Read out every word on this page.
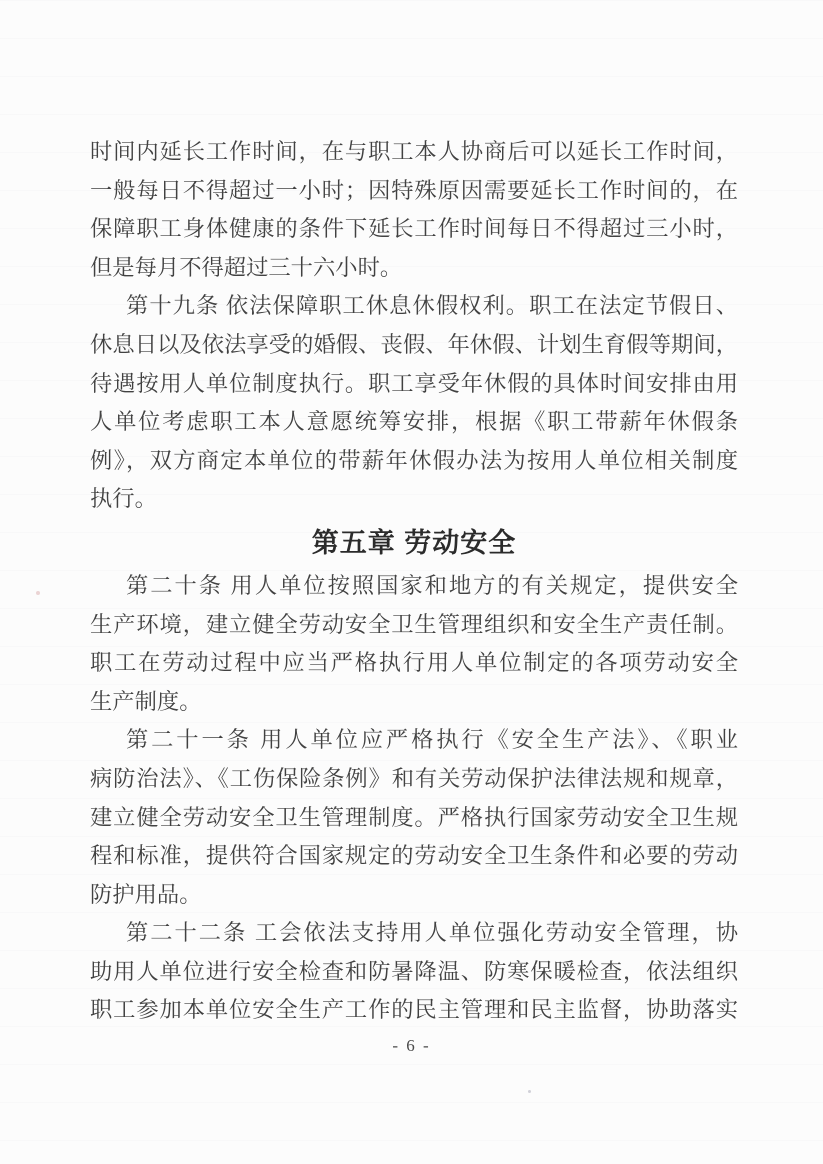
时间内延长工作时间，在与职工本人协商后可以延长工作时间，
一般每日不得超过一小时；因特殊原因需要延长工作时间的，在
保障职工身体健康的条件下延长工作时间每日不得超过三小时，
但是每月不得超过三十六小时。
第十九条 依法保障职工休息休假权利。职工在法定节假日、
休息日以及依法享受的婚假、丧假、年休假、计划生育假等期间，
待遇按用人单位制度执行。职工享受年休假的具体时间安排由用
人单位考虑职工本人意愿统筹安排，根据《职工带薪年休假条
例》，双方商定本单位的带薪年休假办法为按用人单位相关制度
执行。
第五章 劳动安全
第二十条 用人单位按照国家和地方的有关规定，提供安全
生产环境，建立健全劳动安全卫生管理组织和安全生产责任制。
职工在劳动过程中应当严格执行用人单位制定的各项劳动安全
生产制度。
第二十一条 用人单位应严格执行《安全生产法》、《职业
病防治法》、《工伤保险条例》和有关劳动保护法律法规和规章，
建立健全劳动安全卫生管理制度。严格执行国家劳动安全卫生规
程和标准，提供符合国家规定的劳动安全卫生条件和必要的劳动
防护用品。
第二十二条 工会依法支持用人单位强化劳动安全管理，协
助用人单位进行安全检查和防暑降温、防寒保暖检查，依法组织
职工参加本单位安全生产工作的民主管理和民主监督，协助落实
- 6 -
